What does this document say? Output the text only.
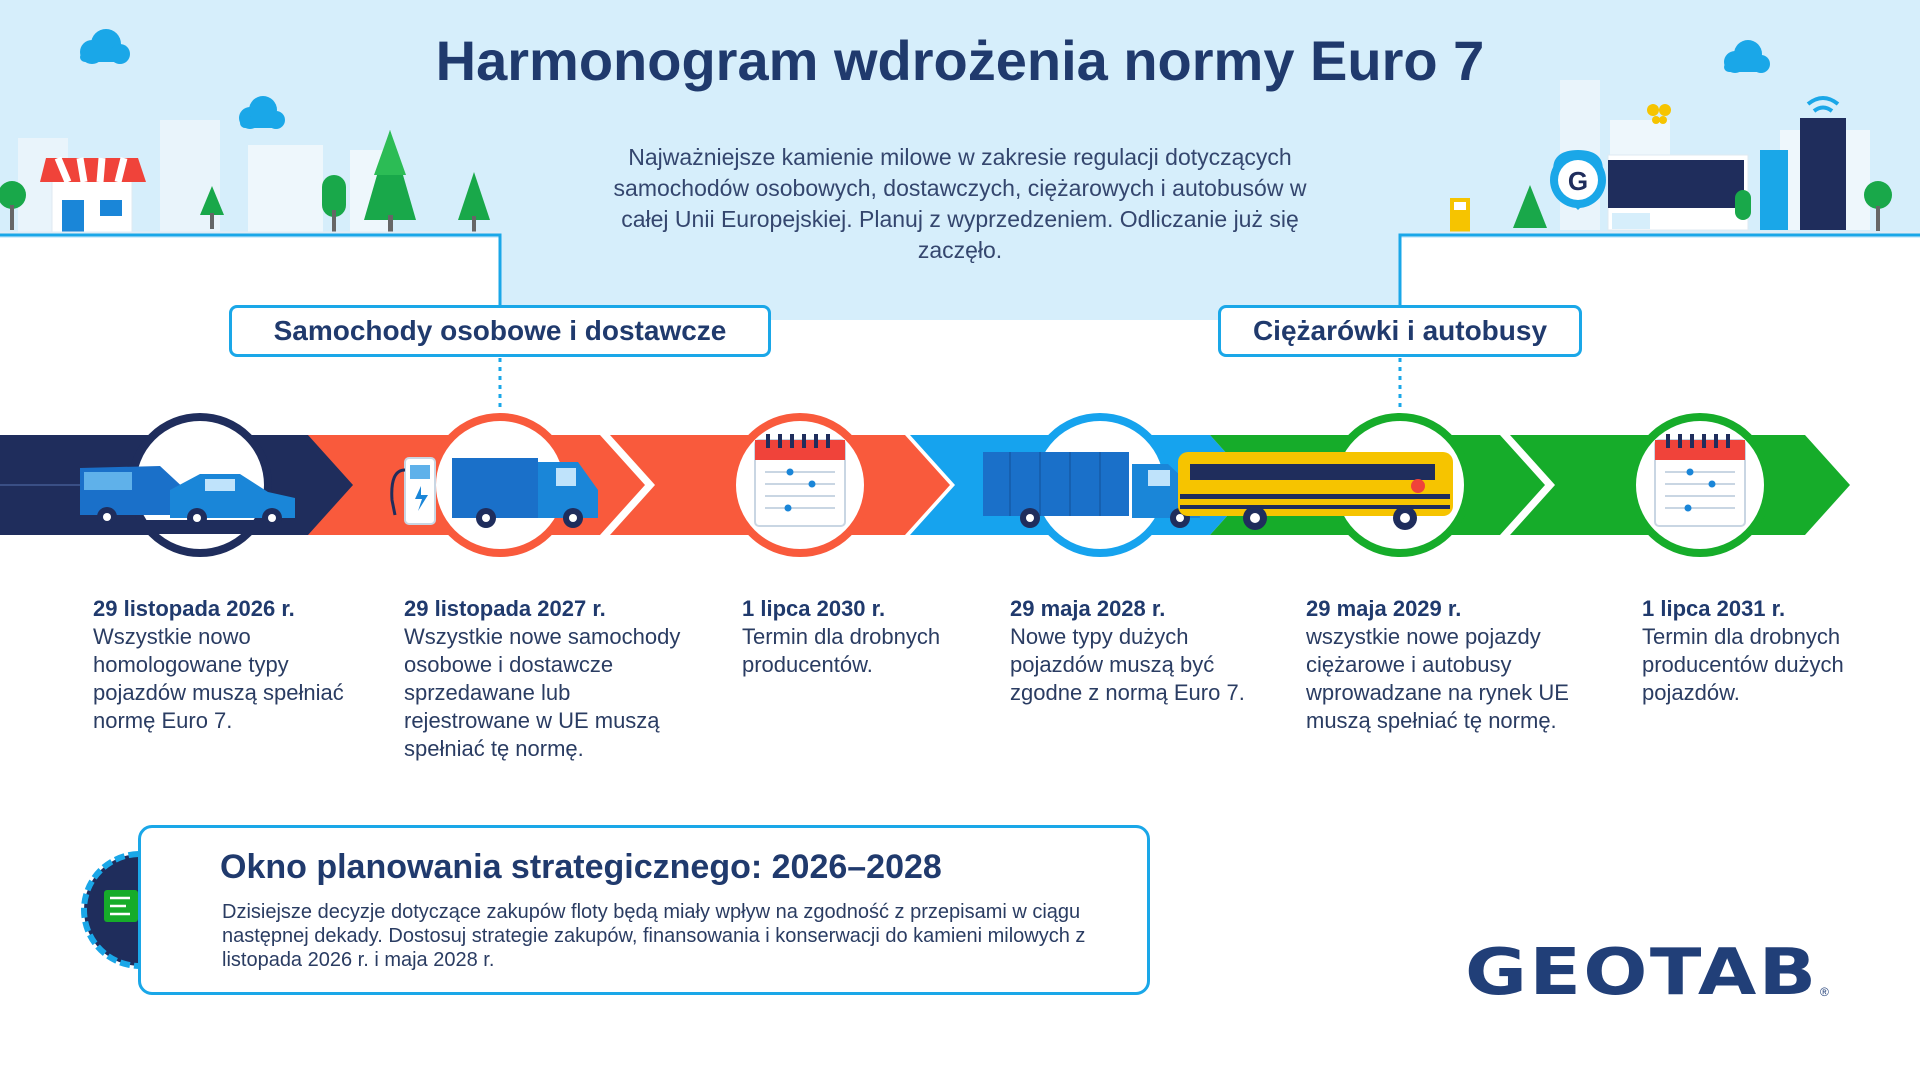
G
Harmonogram wdrożenia normy Euro 7
Najważniejsze kamienie milowe w zakresie regulacji dotyczących samochodów osobowych, dostawczych, ciężarowych i autobusów w całej Unii Europejskiej. Planuj z wyprzedzeniem. Odliczanie już się zaczęło.
Samochody osobowe i dostawcze	Ciężarówki i autobusy
29 listopada 2026 r.
Wszystkie nowo homologowane typy pojazdów muszą spełniać normę Euro 7.
29 listopada 2027 r.
Wszystkie nowe samochody osobowe i dostawcze sprzedawane lub rejestrowane w UE muszą spełniać tę normę.
1 lipca 2030 r.
Termin dla drobnych producentów.
29 maja 2028 r.
Nowe typy dużych pojazdów muszą być zgodne z normą Euro 7.
29 maja 2029 r.
wszystkie nowe pojazdy ciężarowe i autobusy wprowadzane na rynek UE muszą spełniać tę normę.
1 lipca 2031 r.
Termin dla drobnych producentów dużych pojazdów.
Okno planowania strategicznego: 2026–2028
Dzisiejsze decyzje dotyczące zakupów floty będą miały wpływ na zgodność z przepisami w ciągu następnej dekady. Dostosuj strategie zakupów, finansowania i konserwacji do kamieni milowych z listopada 2026 r. i maja 2028 r.	GEOTAB ®
